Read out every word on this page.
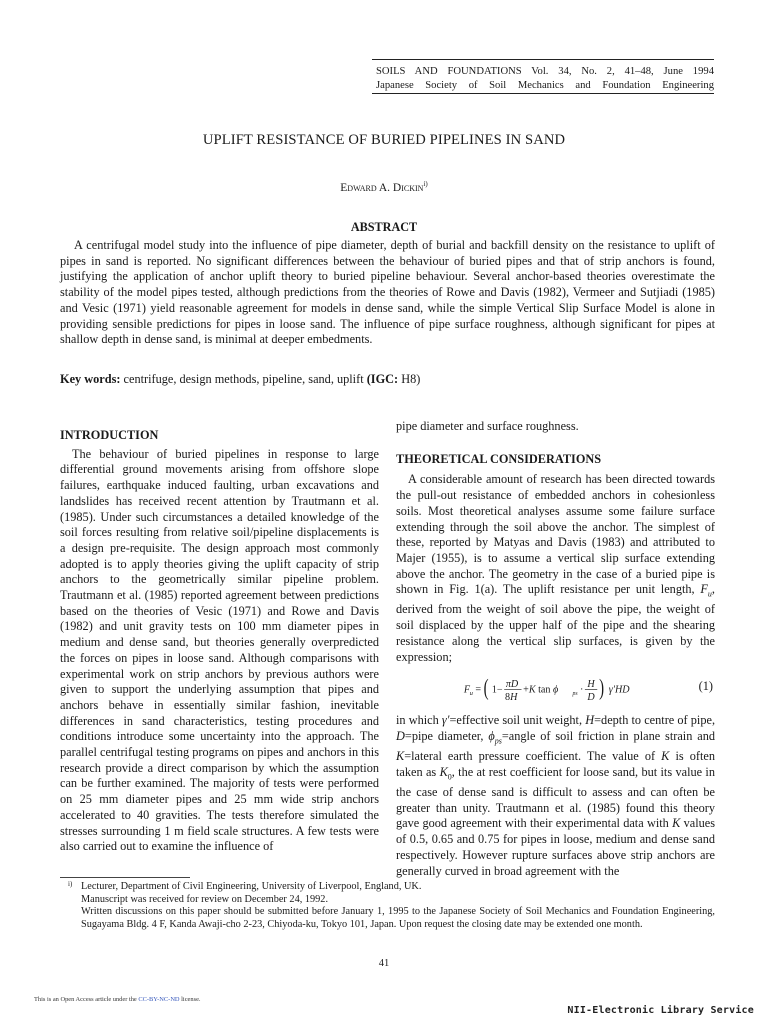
SOILS AND FOUNDATIONS Vol. 34, No. 2, 41–48, June 1994
Japanese Society of Soil Mechanics and Foundation Engineering
UPLIFT RESISTANCE OF BURIED PIPELINES IN SAND
Edward A. Dickin$^{i)}$
ABSTRACT
A centrifugal model study into the influence of pipe diameter, depth of burial and backfill density on the resistance to uplift of pipes in sand is reported. No significant differences between the behaviour of buried pipes and that of strip anchors is found, justifying the application of anchor uplift theory to buried pipeline behaviour. Several anchor-based theories overestimate the stability of the model pipes tested, although predictions from the theories of Rowe and Davis (1982), Vermeer and Sutjiadi (1985) and Vesic (1971) yield reasonable agreement for models in dense sand, while the simple Vertical Slip Surface Model is alone in providing sensible predictions for pipes in loose sand. The influence of pipe surface roughness, although significant for pipes at shallow depth in dense sand, is minimal at deeper embedments.
Key words: centrifuge, design methods, pipeline, sand, uplift (IGC: H8)
INTRODUCTION

The behaviour of buried pipelines in response to large differential ground movements arising from offshore slope failures, earthquake induced faulting, urban excavations and landslides has received recent attention by Trautmann et al. (1985). Under such circumstances a detailed knowledge of the soil forces resulting from relative soil/pipeline displacements is a design pre-requisite. The design approach most commonly adopted is to apply theories giving the uplift capacity of strip anchors to the geometrically similar pipeline problem. Trautmann et al. (1985) reported agreement between predictions based on the theories of Vesic (1971) and Rowe and Davis (1982) and unit gravity tests on 100 mm diameter pipes in medium and dense sand, but theories generally overpredicted the forces on pipes in loose sand. Although comparisons with experimental work on strip anchors by previous authors were given to support the underlying assumption that pipes and anchors behave in essentially similar fashion, inevitable differences in sand characteristics, testing procedures and conditions introduce some uncertainty into the approach. The parallel centrifugal testing programs on pipes and anchors in this research provide a direct comparison by which the assumption can be further examined. The majority of tests were performed on 25 mm diameter pipes and 25 mm wide strip anchors accelerated to 40 gravities. The tests therefore simulated the stresses surrounding 1 m field scale structures. A few tests were also carried out to examine the influence of

pipe diameter and surface roughness.

THEORETICAL CONSIDERATIONS

A considerable amount of research has been directed towards the pull-out resistance of embedded anchors in cohesionless soils. Most theoretical analyses assume some failure surface extending through the soil above the anchor. The simplest of these, reported by Matyas and Davis (1983) and attributed to Majer (1955), is to assume a vertical slip surface extending above the anchor. The geometry in the case of a buried pipe is shown in Fig. 1(a). The uplift resistance per unit length, $F_u$, derived from the weight of soil above the pipe, the weight of soil displaced by the upper half of the pipe and the shearing resistance along the vertical slip surfaces, is given by the expression;

F u = ( 1−
πD
8H
+K tan ϕ ps ·
H
D ) γ′HD	(1)

in which γ′=effective soil unit weight, H=depth to centre of pipe, D=pipe diameter, $\phi_{ps}=angle$ of soil friction in plane strain and K=lateral earth pressure coefficient. The value of K is often taken as $K_0$, the at rest coefficient for loose sand, but its value in the case of dense sand is difficult to assess and can often be greater than unity. Trautmann et al. (1985) found this theory gave good agreement with their experimental data with K values of 0.5, 0.65 and 0.75 for pipes in loose, medium and dense sand respectively. However rupture surfaces above strip anchors are generally curved in broad agreement with the

i) Lecturer, Department of Civil Engineering, University of Liverpool, England, UK.
Manuscript was received for review on December 24, 1992.
Written discussions on this paper should be submitted before January 1, 1995 to the Japanese Society of Soil Mechanics and Foundation Engineering, Sugayama Bldg. 4 F, Kanda Awaji-cho 2-23, Chiyoda-ku, Tokyo 101, Japan. Upon request the closing date may be extended one month.
41
This is an Open Access article under the CC-BY-NC-ND license.
NII-Electronic Library Service
